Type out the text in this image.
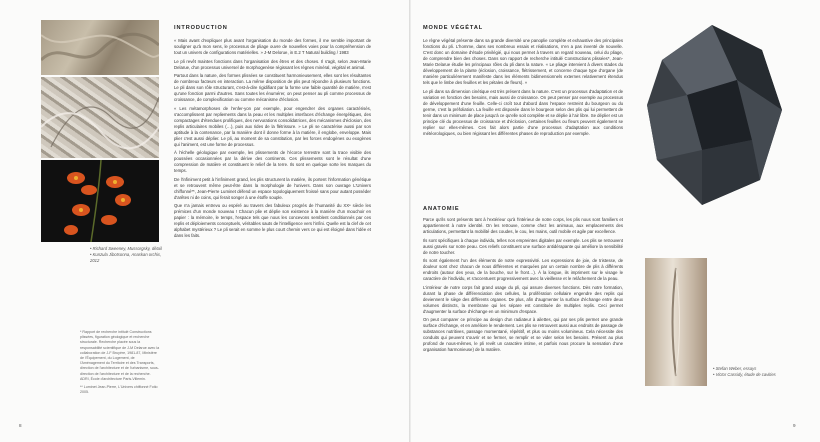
• Richard Sweeney, Mussorgsky, détail
• Kunzula Jibotsonna, Anaskan orchis, 2012

* Rapport de recherche intitulé Constructions plissées, figuration géologique et recherche structurale. Recherche placée sous la responsabilité scientifique de J-M Delarue avec la collaboration de J-F Bruyère, 1981-87, Ministère de l'Équipement, du Logement, de l'Aménagement du Territoire et des Transports, direction de l'architecture et de l'urbanisme, sous-direction de l'architecture et de la recherche. ADRI, École d'architecture Paris-Villemin.

** Luminet Jean-Pierre, L'Univers chiffonné Fotio 2005.

INTRODUCTION

« Mais avant d'expliquer plus avant l'organisation du monde des formes, il me semble important de souligner qu'à mon sens, le processus de pliage ouvre de nouvelles voies pour la compréhension de tout un univers de configurations matérielles. » J-M Delorue, in E.2 T Natural building / 1983

Le pli revêt maintes fonctions dans l'organisation des êtres et des choses. Il s'agit, selon Jean-Marie Delarue, d'un processus universel de morphogenèse régissant les règnes minéral, végétal et animal.

Partout dans la nature, des formes plissées se constituent harmonieusement, elles sont les résultantes de nombreux facteurs en interaction. La même disposition de plis peut répondre à plusieurs fonctions. Le pli dans son rôle structurant, c'est-à-dire rigidifiant par la forme une faible quantité de matière, n'est qu'une fonction parmi d'autres. Sans toutes les énumérer, on peut penser au pli comme processus de croissance, de complexification ou comme mécanisme d'éclosion.

« Les métamorphoses de l'enfer-yon par exemple, pour engendrer des organes caractérisés, s'accomplissent par repliements dans la peau et les multiples interfaces d'échange énergétiques, des compactages d'étendues prolifiques, des nervurations consolidatrices, des mécanismes d'éclosion, des replis articulaires mobiles (…), puis aux rides de la flétrissure. » Le pli se caractérise aussi par son aptitude à la contenance, par la manière dont il donne forme à la matière, il englobe, enveloppe. Mais plier c'est aussi déplier. Le pli, au moment de sa constitution, par les forces endogènes ou exogènes qui l'animent, est une forme de processus.

À l'échelle géologique par exemple, les plissements de l'écorce terrestre sont la trace visible des poussées occasionnées par la dérive des continents. Ces plissements sont le résultat d'une compression de matière et constituent le relief de la terre. Ils sont en quelque sorte les marques du temps.

De l'infiniment petit à l'infiniment grand, les plis structurent la matière, ils portent l'information génétique et se retrouvent même peut-être dans la morphologie de l'univers. Dans son ouvrage L'Univers chiffonné**, Jean-Pierre Luminet défend un espace topologiquement froissé sans pour autant posséder d'arêtes ni de coins, qui ferait songer à une étoffe souple.

Que n'a jamais entrevu ou espéré au travers des fabuleux progrès de l'humanité du XXᵉ siècle les prémices d'un monde nouveau ! Chacun plie et déplie son existence à la manière d'un mouchoir en papier : la mémoire, le temps, l'espace tels que nous les concevons semblent conditionnés par ces replis et déploiements conceptuels, véritables sauts de l'intelligence vers l'infini. Quelle est la clef de cet alphabet mystérieux ? Le pli serait en somme le plus court chemin vers ce qui est éloigné dans l'idée et dans les faits.

8
MONDE VÉGÉTAL

Le règne végétal présente dans sa grande diversité une panoplie complète et exhaustive des principales fonctions du pli. L'homme, dans ses nombreux essais et réalisations, n'en a pas inventé de nouvelle. C'est donc un domaine d'étude privilégié, qui nous permet à travers un regard nouveau, celui du pliage, de comprendre bien des choses. Dans son rapport de recherche intitulé Constructions plissées*, Jean-Marie Delarue étudie les principaux rôles du pli dans la nature. « Le pliage intervient à divers stades du développement de la plante (éclosion, croissance, flétrissement, et concerne chaque type d'organe (de manière particulièrement manifeste dans les éléments bidimensionnels externes relativement étendus tels que le limbe des feuilles et les pétales de fleurs). »

Le pli dans sa dimension cinétique est très présent dans la nature. C'est un processus d'adaptation et de variation en fonction des besoins, mais aussi de croissance. On peut penser par exemple au processus de développement d'une feuille. Celle-ci croît tout d'abord dans l'espace restreint du bourgeon ou du germe, c'est la préfoliation. La feuille est disposée dans le bourgeon selon des plis qui lui permettent de tenir dans un minimum de place jusqu'à ce qu'elle soit complète et se déplie à l'air libre. Se déplier est un principe clé du processus de croissance et d'éclosion, certaines feuilles ou fleurs peuvent également se replier sur elles-mêmes. Ces fait alors partie d'une processus d'adaptation aux conditions météorologiques, ou bien régissant les différentes phases de reproduction par exemple.

ANATOMIE

Parce qu'ils sont présents tant à l'extérieur qu'à l'intérieur de notre corps, les plis nous sont familiers et appartiennent à notre identité. On les retrouve, comme chez les animaux, aux emplacements des articulations, permettant la mobilité des coudes, le cou, les mains, outil mobile et agile par excellence.

Ils sont spécifiques à chaque individu, telles nos empreintes digitales par exemple. Les plis se retrouvent aussi gravés sur notre peau. Ces reliefs constituent une surface antidérapante qui améliore la sensibilité de notre toucher.

Ils sont également l'un des éléments de notre expressivité. Les expressions de joie, de tristesse, de douleur sont chez chacun de nous différentes et marquées par un certain nombre de plis à différents endroits (autour des yeux, de la bouche, sur le front…). À la longue, ils impriment sur le visage le caractère de l'individu, et s'accentuent progressivement avec la vieillesse et le relâchement de la peau.

L'intérieur de notre corps fait grand usage du pli, qui assure diverses fonctions. Dès notre formation, durant la phase de différenciation des cellules, la prolifération cellulaire engendre des replis qui deviennent le siège des différents organes. De plus, afin d'augmenter la surface d'échange entre deux volumes distincts, la membrane qui les sépare est constituée de multiples replis. Ceci permet d'augmenter la surface d'échange en un minimum d'espace.

On peut comparer ce principe au design d'un radiateur à ailettes, qui par ses plis permet une grande surface d'échange, et en améliore le rendement. Les plis se retrouvent aussi aux endroits de passage de substances nutritives, passage momentané, répétitif, et plus ou moins volumineux. Cela nécessite des conduits qui peuvent s'ouvrir et se fermer, se remplir et se vider selon les besoins. Présent au plus profond de nous-mêmes, le pli revêt un caractère intime, et parfois nous procure la sensation d'une organisation harmonieuse) de la matière.

• Stefan Weber, essays
• Victor Cassidy, étude de cavities
9
